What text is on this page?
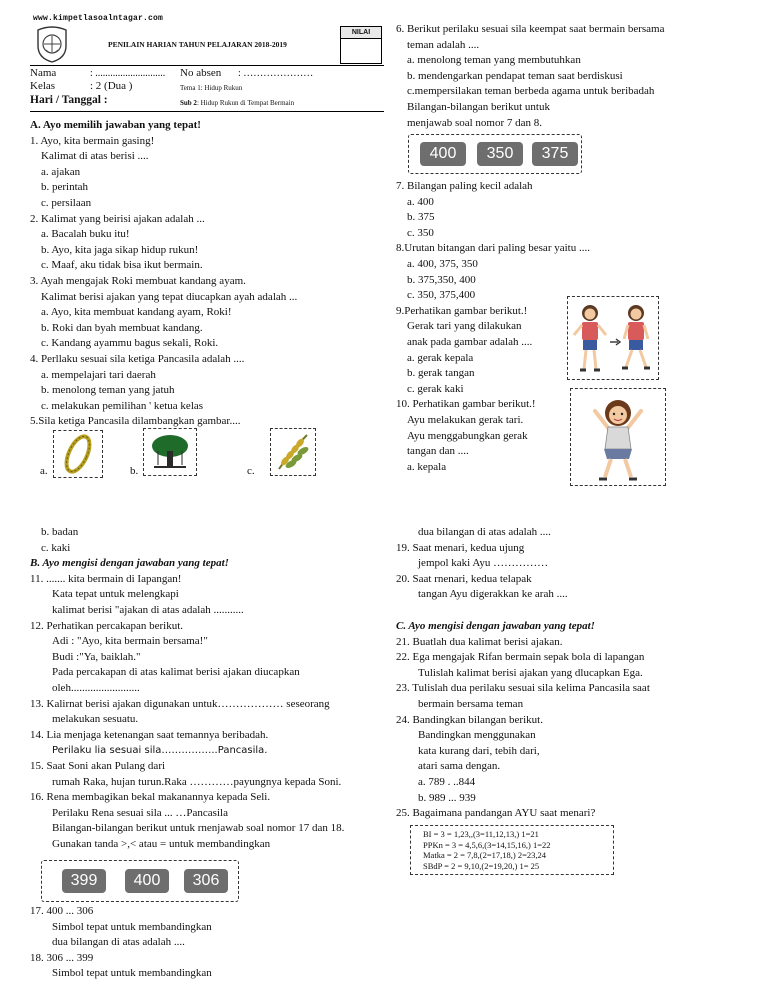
www.kimpetlasoalntagar.com
PENILAIN HARIAN TAHUN PELAJARAN 2018-2019
NILAI
Nama	: ............................ No absen : …………………
Kelas	: 2 (Dua )	Tema 1: Hidup Rukun
Hari / Tanggal :	Sub 2: Hidup Rukun di Tempat Bermain
A. Ayo memilih jawaban yang tepat!
1. Ayo, kita bermain gasing!
Kalimat di atas berisi ....
a. ajakan
b. perintah
c. persilaan
2. Kalimat yang beirisi ajakan adalah ...
a. Bacalah buku itu!
b. Ayo, kita jaga sikap hidup rukun!
c. Maaf, aku tidak bisa ikut bermain.
3. Ayah mengajak Roki membuat kandang ayam.
Kalimat berisi ajakan yang tepat diucapkan ayah adalah ...
a. Ayo, kita membuat kandang ayam, Roki!
b. Roki dan byah membuat kandang.
c. Kandang ayammu bagus sekali, Roki.
4. Perllaku sesuai sila ketiga Pancasila adalah ....
a. mempelajari tari daerah
b. menolong teman yang jatuh
c. melakukan pemilihan ' ketua kelas
5.Sila ketiga Pancasila dilambangkan gambar....
a.	b.	c.
6. Berikut perilaku sesuai sila keempat saat bermain bersama
teman adalah ....
a. menolong teman yang membutuhkan
b. mendengarkan pendapat teman saat berdiskusi
c.mempersilakan teman berbeda agama untuk beribadah
Bilangan-bilangan berikut untuk
menjawab soal nomor 7 dan 8.
400	350	375
7. Bilangan paling kecil adalah
a. 400
b. 375
c. 350
8.Urutan bitangan dari paling besar yaitu ....
a. 400, 375, 350
b. 375,350, 400
c. 350, 375,400
9.Perhatikan gambar berikut.!
Gerak tari yang dilakukan
anak pada gambar adalah ....
a. gerak kepala
b. gerak tangan
c. gerak kaki
10. Perhatikan gambar berikut.!
Ayu melakukan gerak tari.
Ayu menggabungkan gerak
tangan dan ....
a. kepala
b. badan
c. kaki
B. Ayo mengisi dengan jawaban yang tepat!
11. ....... kita bermain di Iapangan!
Kata tepat untuk melengkapi
kalimat berisi "ajakan di atas adalah ...........
12. Perhatikan percakapan berikut.
Adi : "Ayo, kita bermain bersama!"
Budi :"Ya, baiklah."
Pada percakapan di atas kalimat berisi ajakan diucapkan
oleh.........................
13. Kalirnat berisi ajakan digunakan untuk……………… seseorang
melakukan sesuatu.
14. Lia menjaga ketenangan saat temannya beribadah.
Perilaku lia sesuai sila……………..Pancasila.
15. Saat Soni akan Pulang dari
rumah Raka, hujan turun.Raka …………payungnya kepada Soni.
16. Rena membagikan bekal makanannya kepada Seli.
Perilaku Rena sesuai sila ... …Pancasila
Bilangan-bilangan berikut untuk rnenjawab soal nomor 17 dan 18.
Gunakan tanda >,< atau = untuk membandingkan
399	400	306
17. 400 ... 306
Simbol tepat untuk membandingkan
dua bilangan di atas adalah ....
18. 306 ... 399
Simbol tepat untuk membandingkan
dua bilangan di atas adalah ....
19. Saat menari, kedua ujung
jempol kaki Ayu ……………
20. Saat rnenari, kedua telapak
tangan Ayu digerakkan ke arah ....
C. Ayo mengisi dengan jawaban yang tepat!
21. Buatlah dua kalimat berisi ajakan.
22. Ega mengajak Rifan bermain sepak bola di lapangan
Tulislah kalimat berisi ajakan yang dlucapkan Ega.
23. Tulislah dua perilaku sesuai sila kelima Pancasila saat
bermain bersama teman
24. Bandingkan bilangan berikut.
Bandingkan menggunakan
kata kurang dari, tebih dari,
atari sama dengan.
a. 789 . ..844
b. 989 ... 939
25. Bagaimana pandangan AYU saat menari?
BI = 3 = 1,23,,(3=11,12,13,) 1=21
PPKn = 3 = 4,5,6,(3=14,15,16,) 1=22
Matka = 2 = 7,8,(2=17,18,) 2=23,24
SBdP = 2 = 9,10,(2=19,20,) 1= 25
